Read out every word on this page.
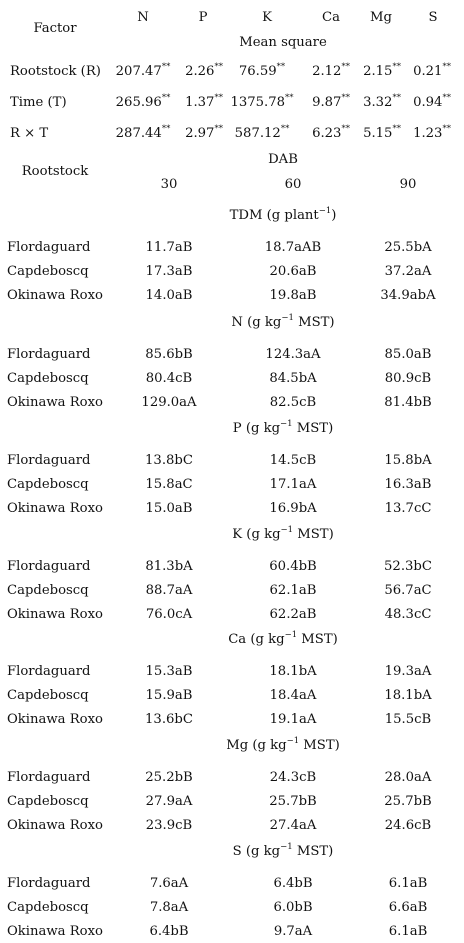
Factor
N	P	K	Ca Mg	S
Mean square
Rootstock (R) 207.47** 2.26** 76.59** 2.12** 2.15** 0.21**
Time (T)	265.96** 1.37** 1375.78** 9.87** 3.32** 0.94**
R × T	287.44** 2.97** 587.12** 6.23** 5.15** 1.23**
Rootstock
DAB
30	60	90
TDM (g plant$^{-1}$)
Flordaguard	11.7aB	18.7aAB	25.5bA
Capdeboscq	17.3aB	20.6aB	37.2aA
Okinawa Roxo	14.0aB	19.8aB	34.9abA
N (g $kg^{-1}$ MST)
Flordaguard	85.6bB	124.3aA	85.0aB
Capdeboscq	80.4cB	84.5bA	80.9cB
Okinawa Roxo	129.0aA	82.5cB	81.4bB
P (g $kg^{-1}$ MST)
Flordaguard	13.8bC	14.5cB	15.8bA
Capdeboscq	15.8aC	17.1aA	16.3aB
Okinawa Roxo	15.0aB	16.9bA	13.7cC
K (g $kg^{-1}$ MST)
Flordaguard	81.3bA	60.4bB	52.3bC
Capdeboscq	88.7aA	62.1aB	56.7aC
Okinawa Roxo	76.0cA	62.2aB	48.3cC
Ca (g $kg^{-1}$ MST)
Flordaguard	15.3aB	18.1bA	19.3aA
Capdeboscq	15.9aB	18.4aA	18.1bA
Okinawa Roxo	13.6bC	19.1aA	15.5cB
Mg (g $kg^{-1}$ MST)
Flordaguard	25.2bB	24.3cB	28.0aA
Capdeboscq	27.9aA	25.7bB	25.7bB
Okinawa Roxo	23.9cB	27.4aA	24.6cB
S (g $kg^{-1}$ MST)
Flordaguard	7.6aA	6.4bB	6.1aB
Capdeboscq	7.8aA	6.0bB	6.6aB
Okinawa Roxo	6.4bB	9.7aA	6.1aB
